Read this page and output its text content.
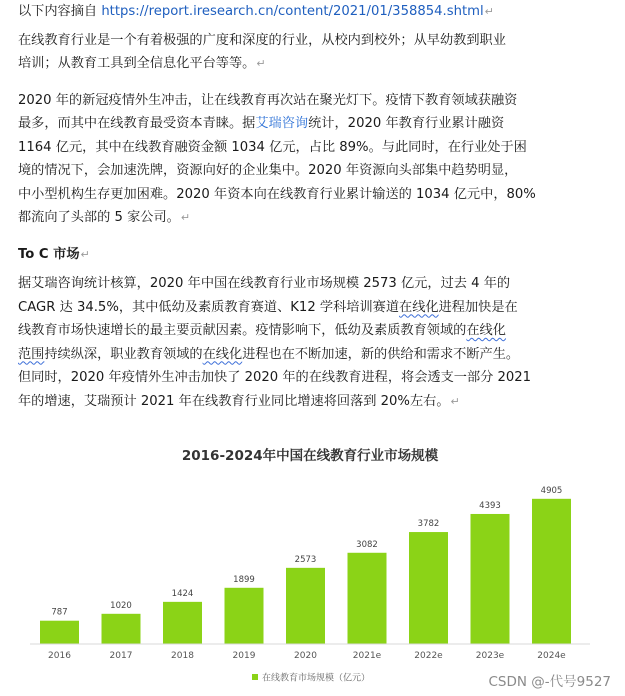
以下内容摘自 https://report.iresearch.cn/content/2021/01/358854.shtml↵
在线教育行业是一个有着极强的广度和深度的行业，从校内到校外；从早幼教到职业
培训；从教育工具到全信息化平台等等。↵
2020 年的新冠疫情外生冲击，让在线教育再次站在聚光灯下。疫情下教育领域获融资
最多，而其中在线教育最受资本青睐。据艾瑞咨询统计，2020 年教育行业累计融资
1164 亿元，其中在线教育融资金额 1034 亿元，占比 89%。与此同时，在行业处于困
境的情况下，会加速洗牌，资源向好的企业集中。2020 年资源向头部集中趋势明显，
中小型机构生存更加困难。2020 年资本向在线教育行业累计输送的 1034 亿元中，80%
都流向了头部的 5 家公司。↵
To C 市场↵
据艾瑞咨询统计核算，2020 年中国在线教育行业市场规模 2573 亿元，过去 4 年的
CAGR 达 34.5%，其中低幼及素质教育赛道、K12 学科培训赛道在线化进程加快是在
线教育市场快速增长的最主要贡献因素。疫情影响下，低幼及素质教育领域的在线化
范围持续纵深，职业教育领域的在线化进程也在不断加速，新的供给和需求不断产生。
但同时，2020 年疫情外生冲击加快了 2020 年的在线教育进程，将会透支一部分 2021
年的增速，艾瑞预计 2021 年在线教育行业同比增速将回落到 20%左右。↵
2016-2024年中国在线教育行业市场规模
787
1020
1424
1899
2573
3082
3782
4393
4905
2016	2017	2018	2019	2020	2021e	2022e	2023e	2024e
在线教育市场规模（亿元）	CSDN @-代号9527
